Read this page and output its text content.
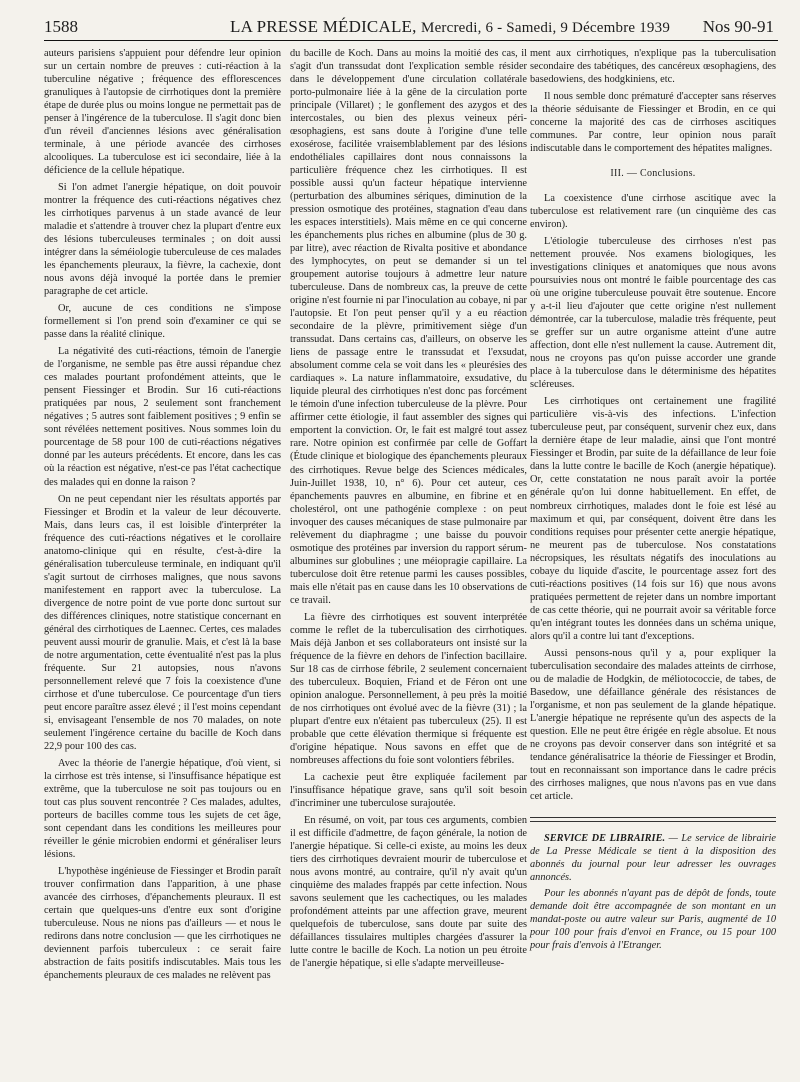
1588	LA PRESSE MÉDICALE, Mercredi, 6 - Samedi, 9 Décembre 1939 Nos 90-91

auteurs parisiens s'appuient pour défendre leur opinion sur un certain nombre de preuves : cuti-réaction à la tuberculine négative ; fréquence des efflorescences granuliques à l'autopsie de cirrhotiques dont la première étape de durée plus ou moins longue ne permettait pas de penser à l'ingérence de la tuberculose. Il s'agit donc bien d'un réveil d'anciennes lésions avec généralisation terminale, à une période avancée des cirrhoses alcooliques. La tuberculose est ici secondaire, liée à la déficience de la cellule hépatique.

Si l'on admet l'anergie hépatique, on doit pouvoir montrer la fréquence des cuti-réactions négatives chez les cirrhotiques parvenus à un stade avancé de leur maladie et s'attendre à trouver chez la plupart d'entre eux des lésions tuberculeuses terminales ; on doit aussi intégrer dans la séméiologie tuberculeuse de ces malades les épanchements pleuraux, la fièvre, la cachexie, dont nous avons déjà invoqué la portée dans le premier paragraphe de cet article.

Or, aucune de ces conditions ne s'impose formellement si l'on prend soin d'examiner ce qui se passe dans la réalité clinique.

La négativité des cuti-réactions, témoin de l'anergie de l'organisme, ne semble pas être aussi répandue chez ces malades pourtant profondément atteints, que le pensent Fiessinger et Brodin. Sur 16 cuti-réactions pratiquées par nous, 2 seulement sont franchement négatives ; 5 autres sont faiblement positives ; 9 enfin se sont révélées nettement positives. Nous sommes loin du pourcentage de 58 pour 100 de cuti-réactions négatives donné par les auteurs précédents. Et encore, dans les cas où la réaction est négative, n'est-ce pas l'état cachectique des malades qui en donne la raison ?

On ne peut cependant nier les résultats apportés par Fiessinger et Brodin et la valeur de leur découverte. Mais, dans leurs cas, il est loisible d'interpréter la fréquence des cuti-réactions négatives et le corollaire anatomo-clinique qui en résulte, c'est-à-dire la généralisation tuberculeuse terminale, en indiquant qu'il s'agit surtout de cirrhoses malignes, que nous savons manifestement en rapport avec la tuberculose. La divergence de notre point de vue porte donc surtout sur des différences cliniques, notre statistique concernant en général des cirrhotiques de Laennec. Certes, ces malades peuvent aussi mourir de granulie. Mais, et c'est là la base de notre argumentation, cette éventualité n'est pas la plus fréquente. Sur 21 autopsies, nous n'avons personnellement relevé que 7 fois la coexistence d'une cirrhose et d'une tuberculose. Ce pourcentage d'un tiers peut encore paraître assez élevé ; il l'est moins cependant si, envisageant l'ensemble de nos 70 malades, on note seulement l'ingérence certaine du bacille de Koch dans 22,9 pour 100 des cas.

Avec la théorie de l'anergie hépatique, d'où vient, si la cirrhose est très intense, si l'insuffisance hépatique est extrême, que la tuberculose ne soit pas toujours ou en tout cas plus souvent rencontrée ? Ces malades, adultes, porteurs de bacilles comme tous les sujets de cet âge, sont cependant dans les conditions les meilleures pour réveiller le génie microbien endormi et généraliser leurs lésions.

L'hypothèse ingénieuse de Fiessinger et Brodin paraît trouver confirmation dans l'apparition, à une phase avancée des cirrhoses, d'épanchements pleuraux. Il est certain que quelques-uns d'entre eux sont d'origine tuberculeuse. Nous ne nions pas d'ailleurs — et nous le redirons dans notre conclusion — que les cirrhotiques ne deviennent parfois tuberculeux : ce serait faire abstraction de faits positifs indiscutables. Mais tous les épanchements pleuraux de ces malades ne relèvent pas

du bacille de Koch. Dans au moins la moitié des cas, il s'agit d'un transsudat dont l'explication semble résider dans le développement d'une circulation collatérale porto-pulmonaire liée à la gêne de la circulation porte principale (Villaret) ; le gonflement des azygos et des intercostales, ou bien des plexus veineux péri-œsophagiens, est sans doute à l'origine d'une telle exosérose, facilitée vraisemblablement par des lésions endothéliales capillaires dont nous connaissons la particulière fréquence chez les cirrhotiques. Il est possible aussi qu'un facteur hépatique intervienne (perturbation des albumines sériques, diminution de la pression osmotique des protéines, stagnation d'eau dans les espaces interstitiels). Mais même en ce qui concerne les épanchements plus riches en albumine (plus de 30 g. par litre), avec réaction de Rivalta positive et abondance des lymphocytes, on peut se demander si un tel groupement autorise toujours à admettre leur nature tuberculeuse. Dans de nombreux cas, la preuve de cette origine n'est fournie ni par l'inoculation au cobaye, ni par l'autopsie. Et l'on peut penser qu'il y a eu réaction secondaire de la plèvre, primitivement siège d'un transsudat. Dans certains cas, d'ailleurs, on observe les liens de passage entre le transsudat et l'exsudat, absolument comme cela se voit dans les « pleurésies des cardiaques ». La nature inflammatoire, exsudative, du liquide pleural des cirrhotiques n'est donc pas forcément le témoin d'une infection tuberculeuse de la plèvre. Pour affirmer cette étiologie, il faut assembler des signes qui emportent la conviction. Or, le fait est malgré tout assez rare. Notre opinion est confirmée par celle de Goffart (Étude clinique et biologique des épanchements pleuraux des cirrhotiques. Revue belge des Sciences médicales, Juin-Juillet 1938, 10, n° 6). Pour cet auteur, ces épanchements pauvres en albumine, en fibrine et en cholestérol, ont une pathogénie complexe : on peut invoquer des causes mécaniques de stase pulmonaire par relèvement du diaphragme ; une baisse du pouvoir osmotique des protéines par inversion du rapport sérum-albumines sur globulines ; une méiopragie capillaire. La tuberculose doit être retenue parmi les causes possibles, mais elle n'était pas en cause dans les 10 observations de ce travail.

La fièvre des cirrhotiques est souvent interprétée comme le reflet de la tuberculisation des cirrhotiques. Mais déjà Janbon et ses collaborateurs ont insisté sur la fréquence de la fièvre en dehors de l'infection bacillaire. Sur 18 cas de cirrhose fébrile, 2 seulement concernaient des tuberculeux. Boquien, Friand et de Féron ont une opinion analogue. Personnellement, à peu près la moitié de nos cirrhotiques ont évolué avec de la fièvre (31) ; la plupart d'entre eux n'étaient pas tuberculeux (25). Il est probable que cette élévation thermique si fréquente est d'origine hépatique. Nous savons en effet que de nombreuses affections du foie sont volontiers fébriles.

La cachexie peut être expliquée facilement par l'insuffisance hépatique grave, sans qu'il soit besoin d'incriminer une tuberculose surajoutée.

En résumé, on voit, par tous ces arguments, combien il est difficile d'admettre, de façon générale, la notion de l'anergie hépatique. Si celle-ci existe, au moins les deux tiers des cirrhotiques devraient mourir de tuberculose et nous avons montré, au contraire, qu'il n'y avait qu'un cinquième des malades frappés par cette infection. Nous savons seulement que les cachectiques, ou les malades profondément atteints par une affection grave, meurent quelquefois de tuberculose, sans doute par suite des défaillances tissulaires multiples chargées d'assurer la lutte contre le bacille de Koch. La notion un peu étroite de l'anergie hépatique, si elle s'adapte merveilleuse-

ment aux cirrhotiques, n'explique pas la tuberculisation secondaire des tabétiques, des cancéreux œsophagiens, des basedowiens, des hodgkiniens, etc.

Il nous semble donc prématuré d'accepter sans réserves la théorie séduisante de Fiessinger et Brodin, en ce qui concerne la majorité des cas de cirrhoses ascitiques communes. Par contre, leur opinion nous paraît indiscutable dans le comportement des hépatites malignes.

III. — Conclusions.

La coexistence d'une cirrhose ascitique avec la tuberculose est relativement rare (un cinquième des cas environ).

L'étiologie tuberculeuse des cirrhoses n'est pas nettement prouvée. Nos examens biologiques, les investigations cliniques et anatomiques que nous avons poursuivies nous ont montré le faible pourcentage des cas où une origine tuberculeuse pouvait être soutenue. Encore y a-t-il lieu d'ajouter que cette origine n'est nullement démontrée, car la tuberculose, maladie très fréquente, peut se greffer sur un autre organisme atteint d'une autre affection, dont elle n'est nullement la cause. Autrement dit, nous ne croyons pas qu'on puisse accorder une grande place à la tuberculose dans le déterminisme des hépatites scléreuses.

Les cirrhotiques ont certainement une fragilité particulière vis-à-vis des infections. L'infection tuberculeuse peut, par conséquent, survenir chez eux, dans la dernière étape de leur maladie, ainsi que l'ont montré Fiessinger et Brodin, par suite de la défaillance de leur foie dans la lutte contre le bacille de Koch (anergie hépatique). Or, cette constatation ne nous paraît avoir la portée générale qu'on lui donne habituellement. En effet, de nombreux cirrhotiques, malades dont le foie est lésé au maximum et qui, par conséquent, doivent être dans les conditions requises pour présenter cette anergie hépatique, ne meurent pas de tuberculose. Nos constatations nécropsiques, les résultats négatifs des inoculations au cobaye du liquide d'ascite, le pourcentage assez fort des cuti-réactions positives (14 fois sur 16) que nous avons pratiquées permettent de rejeter dans un nombre important de cas cette théorie, qui ne pourrait avoir sa véritable force qu'en intégrant toutes les données dans un schéma unique, alors qu'il a contre lui tant d'exceptions.

Aussi pensons-nous qu'il y a, pour expliquer la tuberculisation secondaire des malades atteints de cirrhose, ou de maladie de Hodgkin, de méliotococcie, de tabes, de Basedow, une défaillance générale des résistances de l'organisme, et non pas seulement de la glande hépatique. L'anergie hépatique ne représente qu'un des aspects de la question. Elle ne peut être érigée en règle absolue. Et nous ne croyons pas devoir conserver dans son intégrité et sa tendance généralisatrice la théorie de Fiessinger et Brodin, tout en reconnaissant son importance dans le cadre précis des cirrhoses malignes, que nous n'avons pas en vue dans cet article.

SERVICE DE LIBRAIRIE. — Le service de librairie de La Presse Médicale se tient à la disposition des abonnés du journal pour leur adresser les ouvrages annoncés.

Pour les abonnés n'ayant pas de dépôt de fonds, toute demande doit être accompagnée de son montant en un mandat-poste ou autre valeur sur Paris, augmenté de 10 pour 100 pour frais d'envoi en France, ou 15 pour 100 pour frais d'envois à l'Etranger.
